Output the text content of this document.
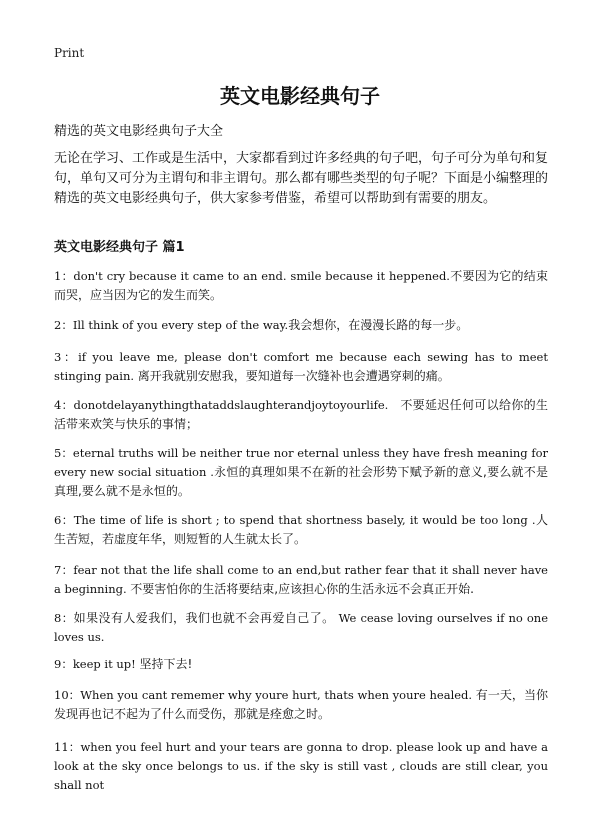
Print
英文电影经典句子
精选的英文电影经典句子大全
无论在学习、工作或是生活中，大家都看到过许多经典的句子吧，句子可分为单句和复句，单句又可分为主谓句和非主谓句。那么都有哪些类型的句子呢？下面是小编整理的精选的英文电影经典句子，供大家参考借鉴，希望可以帮助到有需要的朋友。
英文电影经典句子 篇1
1：don't cry because it came to an end. smile because it heppened.不要因为它的结束而哭，应当因为它的发生而笑。
2：Ill think of you every step of the way.我会想你，在漫漫长路的每一步。
3：if you leave me, please don't comfort me because each sewing has to meet stinging pain. 离开我就别安慰我，要知道每一次缝补也会遭遇穿刺的痛。
4：donotdelayanythingthataddslaughterandjoytoyourlife. 不要延迟任何可以给你的生活带来欢笑与快乐的事情；
5：eternal truths will be neither true nor eternal unless they have fresh meaning for every new social situation .永恒的真理如果不在新的社会形势下赋予新的意义,要么就不是真理,要么就不是永恒的。
6：The time of life is short ; to spend that shortness basely, it would be too long .人生苦短，若虚度年华，则短暂的人生就太长了。
7：fear not that the life shall come to an end,but rather fear that it shall never have a beginning. 不要害怕你的生活将要结束,应该担心你的生活永远不会真正开始.
8：如果没有人爱我们，我们也就不会再爱自己了。 We cease loving ourselves if no one loves us.
9：keep it up! 坚持下去!
10：When you cant rememer why youre hurt, thats when youre healed. 有一天，当你发现再也记不起为了什么而受伤，那就是痊愈之时。
11：when you feel hurt and your tears are gonna to drop. please look up and have a look at the sky once belongs to us. if the sky is still vast , clouds are still clear, you shall not
